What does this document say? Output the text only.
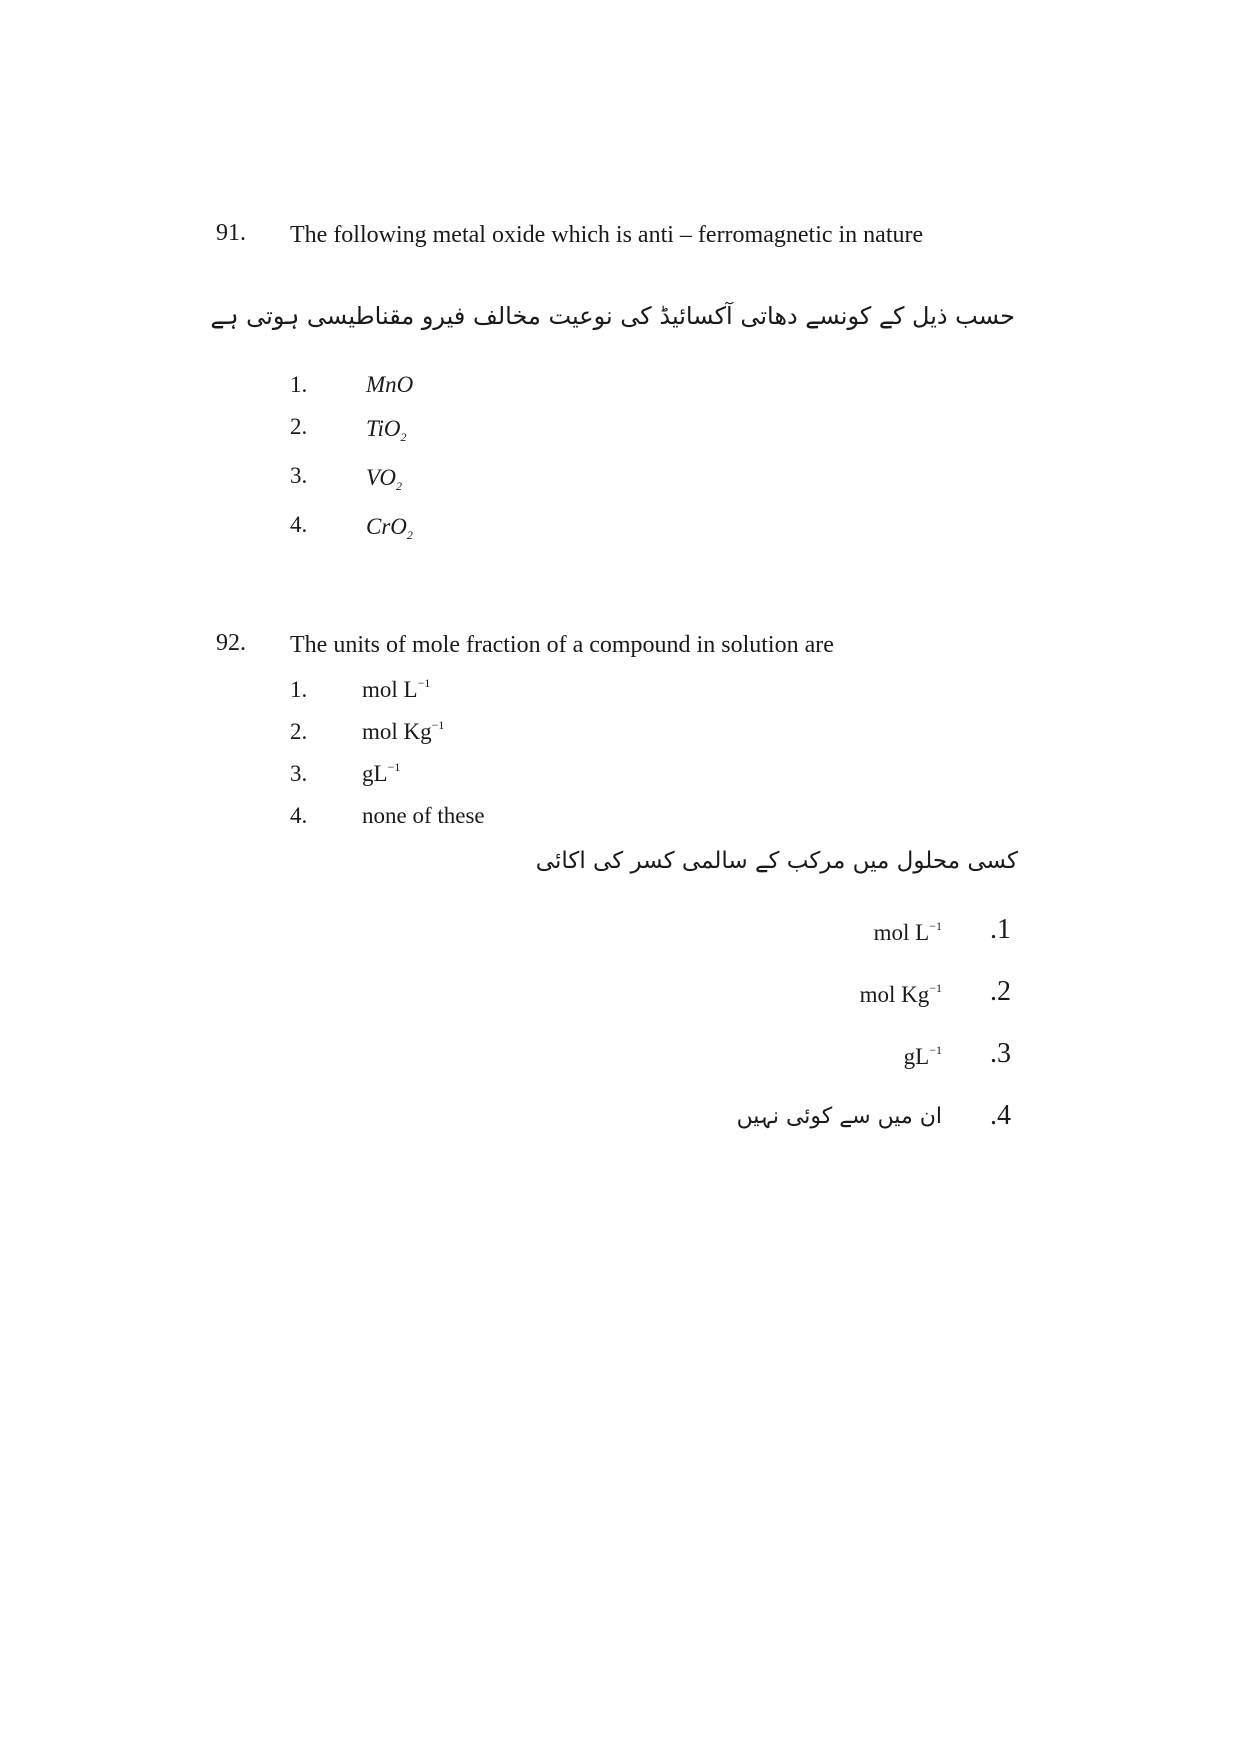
91. The following metal oxide which is anti – ferromagnetic in nature
حسب ذیل کے کونسے دھاتی آکسائیڈ کی نوعیت مخالف فیرو مقناطیسی ہوتی ہے
1.	MnO
2.	TiO$_2$
3.	$VO_2$
4.	CrO$_2$
92. The units of mole fraction of a compound in solution are
1. mol $L^{-1}$
2. mol $Kg^{-1}$
3. $gL^{-1}$
4. none of these
کسی محلول میں مرکب کے سالمی کسر کی اکائی
mol $L^{-1}$ .1
mol $Kg^{-1}$ .2
$gL^{-1}$ .3
ان میں سے کوئی نہیں .4
